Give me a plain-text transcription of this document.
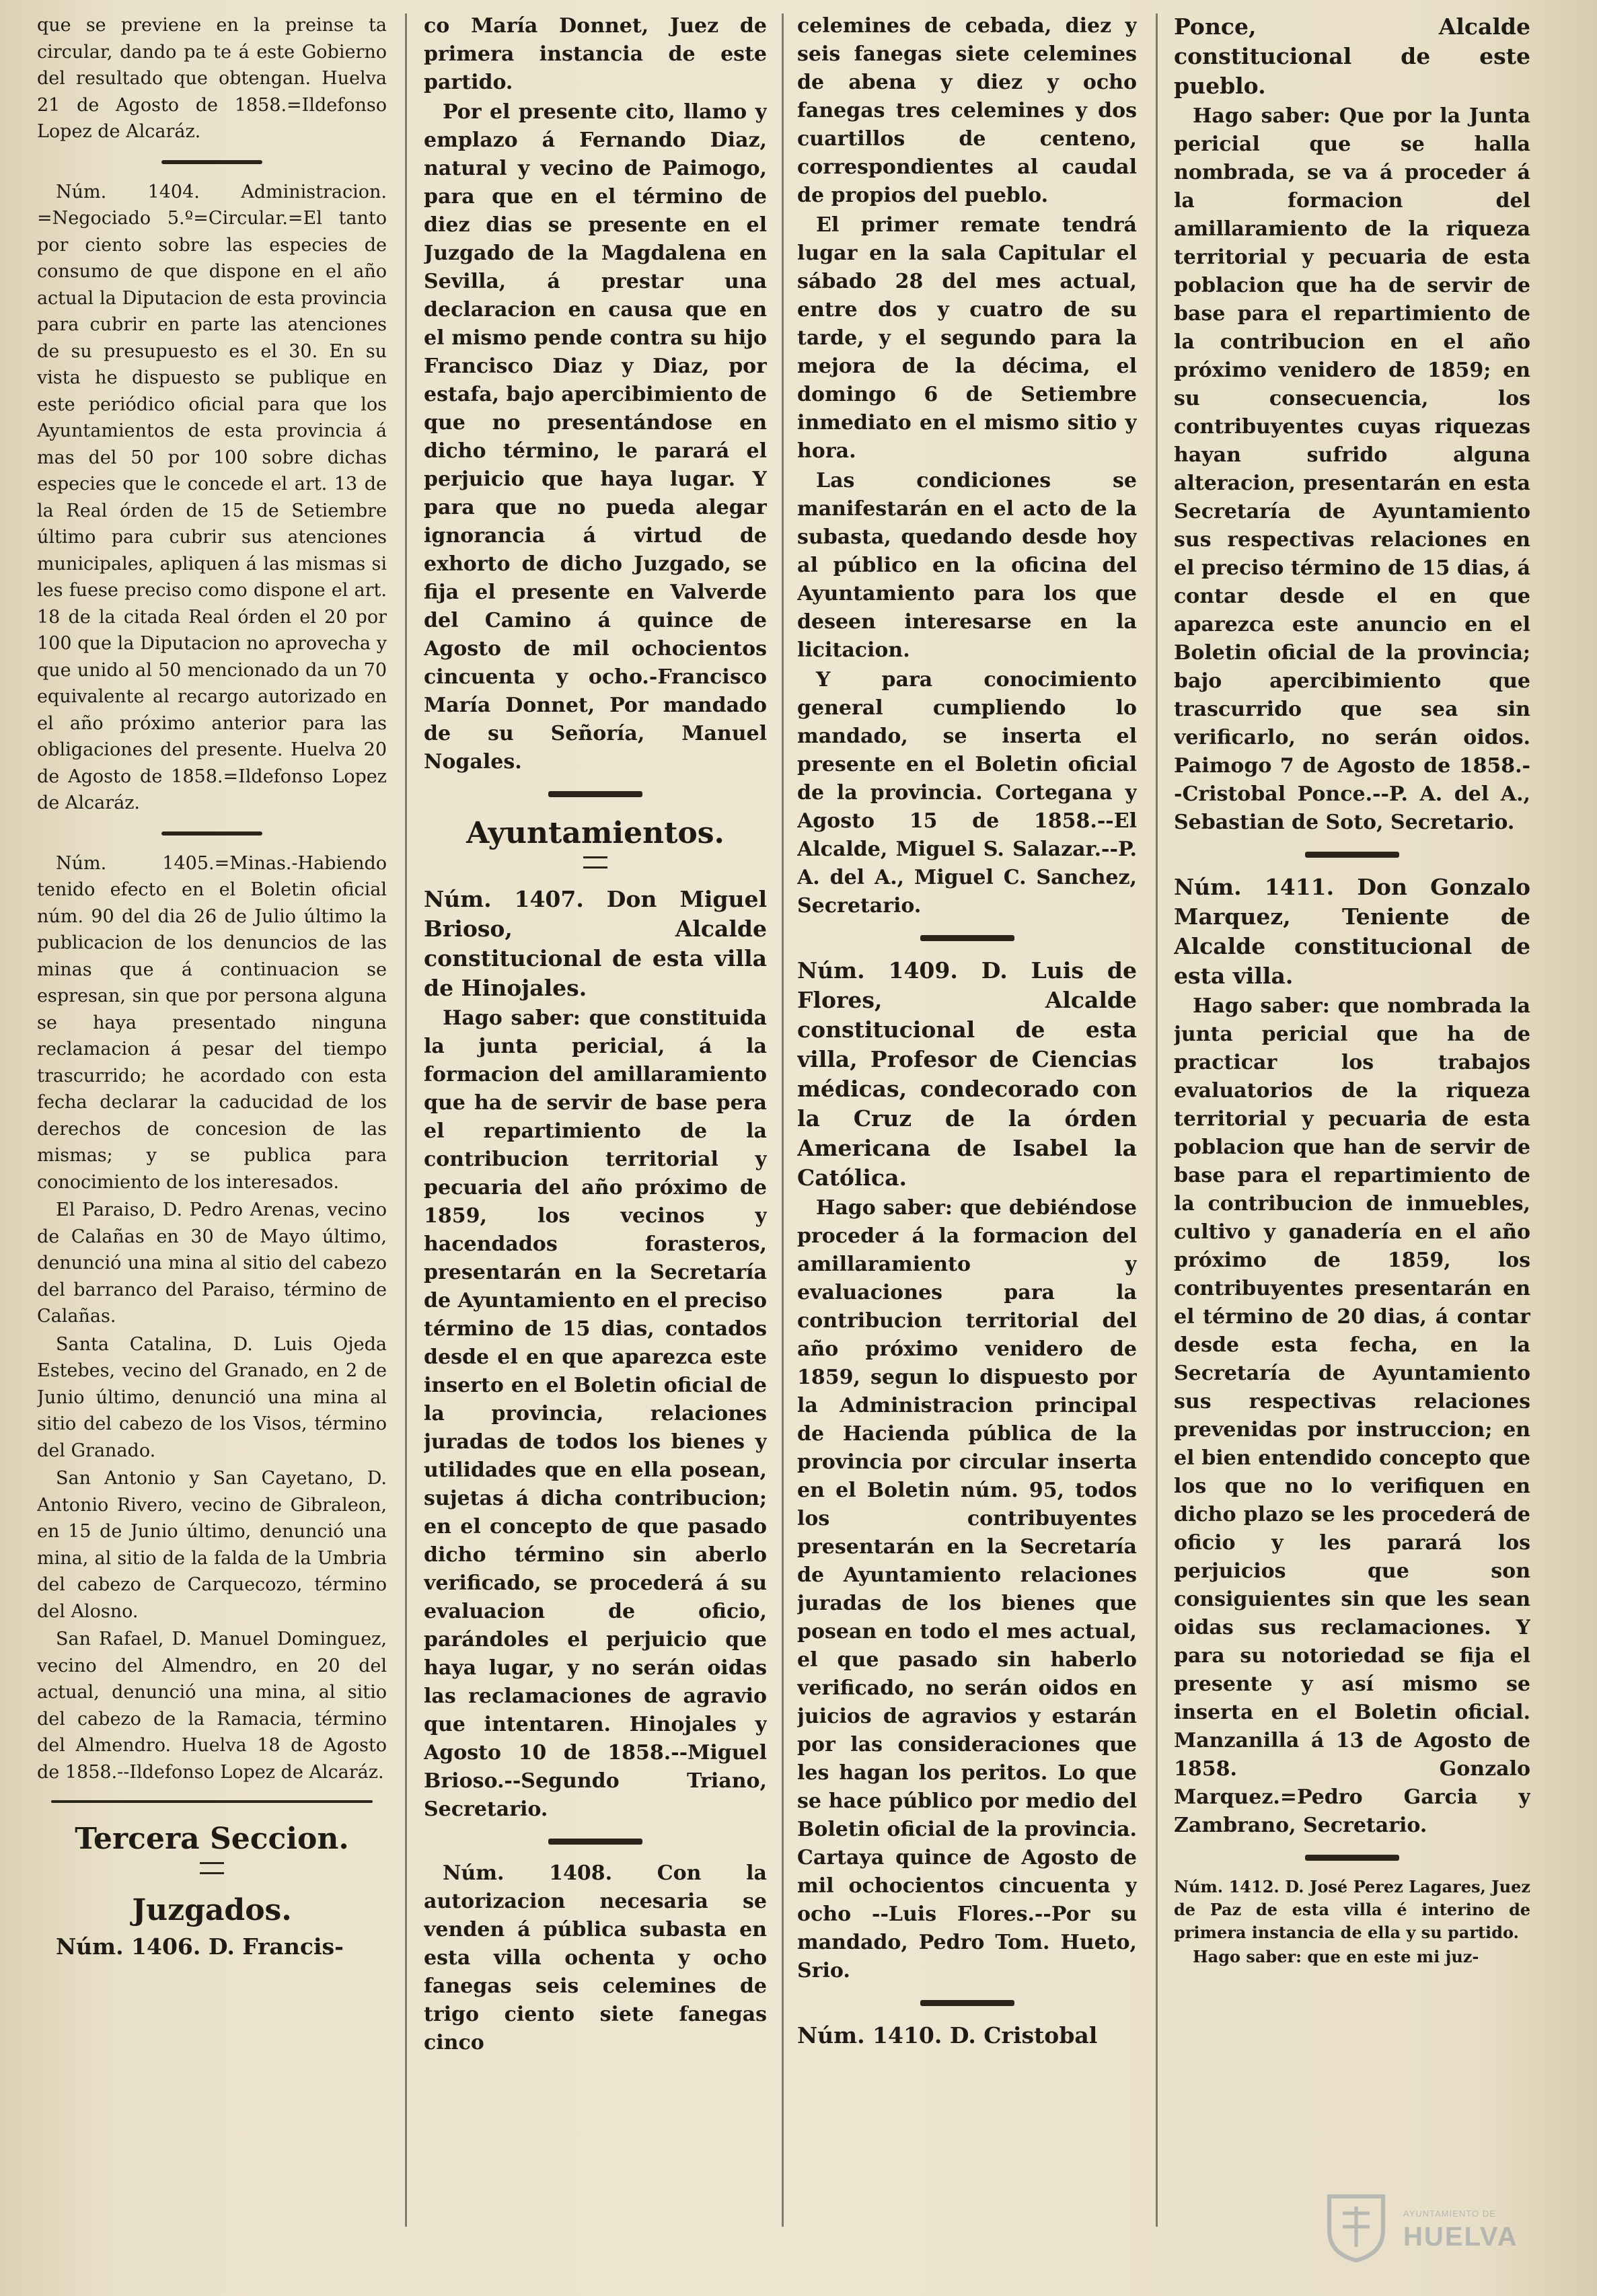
que se previene en la preinse ta circular, dando pa te á este Gobierno del resultado que obtengan. Huelva 21 de Agosto de 1858.=Ildefonso Lopez de Alcaráz.

Núm. 1404. Administracion. =Negociado 5.º=Circular.=El tanto por ciento sobre las especies de consumo de que dispone en el año actual la Diputacion de esta provincia para cubrir en parte las atenciones de su presupuesto es el 30. En su vista he dispuesto se publique en este periódico oficial para que los Ayuntamientos de esta provincia á mas del 50 por 100 sobre dichas especies que le concede el art. 13 de la Real órden de 15 de Setiembre último para cubrir sus atenciones municipales, apliquen á las mismas si les fuese preciso como dispone el art. 18 de la citada Real órden el 20 por 100 que la Diputacion no aprovecha y que unido al 50 mencionado da un 70 equivalente al recargo autorizado en el año próximo anterior para las obligaciones del presente. Huelva 20 de Agosto de 1858.=Ildefonso Lopez de Alcaráz.

Núm. 1405.=Minas.-Habiendo tenido efecto en el Boletin oficial núm. 90 del dia 26 de Julio último la publicacion de los denuncios de las minas que á continuacion se espresan, sin que por persona alguna se haya presentado ninguna reclamacion á pesar del tiempo trascurrido; he acordado con esta fecha declarar la caducidad de los derechos de concesion de las mismas; y se publica para conocimiento de los interesados.

El Paraiso, D. Pedro Arenas, vecino de Calañas en 30 de Mayo último, denunció una mina al sitio del cabezo del barranco del Paraiso, término de Calañas.

Santa Catalina, D. Luis Ojeda Estebes, vecino del Granado, en 2 de Junio último, denunció una mina al sitio del cabezo de los Visos, término del Granado.

San Antonio y San Cayetano, D. Antonio Rivero, vecino de Gibraleon, en 15 de Junio último, denunció una mina, al sitio de la falda de la Umbria del cabezo de Carquecozo, término del Alosno.

San Rafael, D. Manuel Dominguez, vecino del Almendro, en 20 del actual, denunció una mina, al sitio del cabezo de la Ramacia, término del Almendro. Huelva 18 de Agosto de 1858.--Ildefonso Lopez de Alcaráz.

Tercera Seccion.
Juzgados.

Núm. 1406. D. Francis-

co María Donnet, Juez de primera instancia de este partido.

Por el presente cito, llamo y emplazo á Fernando Diaz, natural y vecino de Paimogo, para que en el término de diez dias se presente en el Juzgado de la Magdalena en Sevilla, á prestar una declaracion en causa que en el mismo pende contra su hijo Francisco Diaz y Diaz, por estafa, bajo apercibimiento de que no presentándose en dicho término, le parará el perjuicio que haya lugar. Y para que no pueda alegar ignorancia á virtud de exhorto de dicho Juzgado, se fija el presente en Valverde del Camino á quince de Agosto de mil ochocientos cincuenta y ocho.-Francisco María Donnet, Por mandado de su Señoría, Manuel Nogales.

Ayuntamientos.

Núm. 1407. Don Miguel Brioso, Alcalde constitucional de esta villa de Hinojales.

Hago saber: que constituida la junta pericial, á la formacion del amillaramiento que ha de servir de base pera el repartimiento de la contribucion territorial y pecuaria del año próximo de 1859, los vecinos y hacendados forasteros, presentarán en la Secretaría de Ayuntamiento en el preciso término de 15 dias, contados desde el en que aparezca este inserto en el Boletin oficial de la provincia, relaciones juradas de todos los bienes y utilidades que en ella posean, sujetas á dicha contribucion; en el concepto de que pasado dicho término sin aberlo verificado, se procederá á su evaluacion de oficio, parándoles el perjuicio que haya lugar, y no serán oidas las reclamaciones de agravio que intentaren. Hinojales y Agosto 10 de 1858.--Miguel Brioso.--Segundo Triano, Secretario.

Núm. 1408. Con la autorizacion necesaria se venden á pública subasta en esta villa ochenta y ocho fanegas seis celemines de trigo ciento siete fanegas cinco

celemines de cebada, diez y seis fanegas siete celemines de abena y diez y ocho fanegas tres celemines y dos cuartillos de centeno, correspondientes al caudal de propios del pueblo.

El primer remate tendrá lugar en la sala Capitular el sábado 28 del mes actual, entre dos y cuatro de su tarde, y el segundo para la mejora de la décima, el domingo 6 de Setiembre inmediato en el mismo sitio y hora.

Las condiciones se manifestarán en el acto de la subasta, quedando desde hoy al público en la oficina del Ayuntamiento para los que deseen interesarse en la licitacion.

Y para conocimiento general cumpliendo lo mandado, se inserta el presente en el Boletin oficial de la provincia. Cortegana y Agosto 15 de 1858.--El Alcalde, Miguel S. Salazar.--P. A. del A., Miguel C. Sanchez, Secretario.

Núm. 1409. D. Luis de Flores, Alcalde constitucional de esta villa, Profesor de Ciencias médicas, condecorado con la Cruz de la órden Americana de Isabel la Católica.

Hago saber: que debiéndose proceder á la formacion del amillaramiento y evaluaciones para la contribucion territorial del año próximo venidero de 1859, segun lo dispuesto por la Administracion principal de Hacienda pública de la provincia por circular inserta en el Boletin núm. 95, todos los contribuyentes presentarán en la Secretaría de Ayuntamiento relaciones juradas de los bienes que posean en todo el mes actual, el que pasado sin haberlo verificado, no serán oidos en juicios de agravios y estarán por las consideraciones que les hagan los peritos. Lo que se hace público por medio del Boletin oficial de la provincia. Cartaya quince de Agosto de mil ochocientos cincuenta y ocho --Luis Flores.--Por su mandado, Pedro Tom. Hueto, Srio.

Núm. 1410. D. Cristobal

Ponce, Alcalde constitucional de este pueblo.

Hago saber: Que por la Junta pericial que se halla nombrada, se va á proceder á la formacion del amillaramiento de la riqueza territorial y pecuaria de esta poblacion que ha de servir de base para el repartimiento de la contribucion en el año próximo venidero de 1859; en su consecuencia, los contribuyentes cuyas riquezas hayan sufrido alguna alteracion, presentarán en esta Secretaría de Ayuntamiento sus respectivas relaciones en el preciso término de 15 dias, á contar desde el en que aparezca este anuncio en el Boletin oficial de la provincia; bajo apercibimiento que trascurrido que sea sin verificarlo, no serán oidos. Paimogo 7 de Agosto de 1858.--Cristobal Ponce.--P. A. del A., Sebastian de Soto, Secretario.

Núm. 1411. Don Gonzalo Marquez, Teniente de Alcalde constitucional de esta villa.

Hago saber: que nombrada la junta pericial que ha de practicar los trabajos evaluatorios de la riqueza territorial y pecuaria de esta poblacion que han de servir de base para el repartimiento de la contribucion de inmuebles, cultivo y ganadería en el año próximo de 1859, los contribuyentes presentarán en el término de 20 dias, á contar desde esta fecha, en la Secretaría de Ayuntamiento sus respectivas relaciones prevenidas por instruccion; en el bien entendido concepto que los que no lo verifiquen en dicho plazo se les procederá de oficio y les parará los perjuicios que son consiguientes sin que les sean oidas sus reclamaciones. Y para su notoriedad se fija el presente y así mismo se inserta en el Boletin oficial. Manzanilla á 13 de Agosto de 1858. Gonzalo Marquez.=Pedro Garcia y Zambrano, Secretario.

Núm. 1412. D. José Perez Lagares, Juez de Paz de esta villa é interino de primera instancia de ella y su partido.

Hago saber: que en este mi juz-

AYUNTAMIENTO DE
HUELVA
